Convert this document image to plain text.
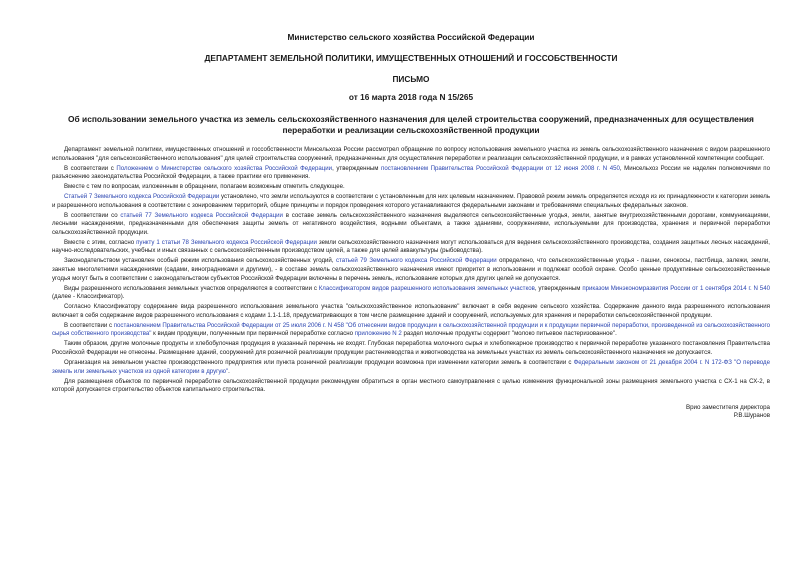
Министерство сельского хозяйства Российской Федерации

ДЕПАРТАМЕНТ ЗЕМЕЛЬНОЙ ПОЛИТИКИ, ИМУЩЕСТВЕННЫХ ОТНОШЕНИЙ И ГОССОБСТВЕННОСТИ

ПИСЬМО

от 16 марта 2018 года N 15/265

Об использовании земельного участка из земель сельскохозяйственного назначения для целей строительства сооружений, предназначенных для осуществления переработки и реализации сельскохозяйственной продукции

Департамент земельной политики, имущественных отношений и госсобственности Минсельхоза России рассмотрел обращение по вопросу использования земельного участка из земель сельскохозяйственного назначения с видом разрешенного использования "для сельскохозяйственного использования" для целей строительства сооружений, предназначенных для осуществления переработки и реализации сельскохозяйственной продукции, и в рамках установленной компетенции сообщает.

В соответствии с Положением о Министерстве сельского хозяйства Российской Федерации, утвержденным постановлением Правительства Российской Федерации от 12 июня 2008 г. N 450, Минсельхоз России не наделен полномочиями по разъяснению законодательства Российской Федерации, а также практики его применения.

Вместе с тем по вопросам, изложенным в обращении, полагаем возможным отметить следующее.

Статьей 7 Земельного кодекса Российской Федерации установлено, что земли используются в соответствии с установленным для них целевым назначением. Правовой режим земель определяется исходя из их принадлежности к категории земель и разрешенного использования в соответствии с зонированием территорий, общие принципы и порядок проведения которого устанавливаются федеральными законами и требованиями специальных федеральных законов.

В соответствии со статьей 77 Земельного кодекса Российской Федерации в составе земель сельскохозяйственного назначения выделяются сельскохозяйственные угодья, земли, занятые внутрихозяйственными дорогами, коммуникациями, лесными насаждениями, предназначенными для обеспечения защиты земель от негативного воздействия, водными объектами, а также зданиями, сооружениями, используемыми для производства, хранения и первичной переработки сельскохозяйственной продукции.

Вместе с этим, согласно пункту 1 статьи 78 Земельного кодекса Российской Федерации земли сельскохозяйственного назначения могут использоваться для ведения сельскохозяйственного производства, создания защитных лесных насаждений, научно-исследовательских, учебных и иных связанных с сельскохозяйственным производством целей, а также для целей аквакультуры (рыбоводства).

Законодательством установлен особый режим использования сельскохозяйственных угодий, статьей 79 Земельного кодекса Российской Федерации определено, что сельскохозяйственные угодья - пашни, сенокосы, пастбища, залежи, земли, занятые многолетними насаждениями (садами, виноградниками и другими), - в составе земель сельскохозяйственного назначения имеют приоритет в использовании и подлежат особой охране. Особо ценные продуктивные сельскохозяйственные угодья могут быть в соответствии с законодательством субъектов Российской Федерации включены в перечень земель, использование которых для других целей не допускается.

Виды разрешенного использования земельных участков определяются в соответствии с Классификатором видов разрешенного использования земельных участков, утвержденным приказом Минэкономразвития России от 1 сентября 2014 г. N 540 (далее - Классификатор).

Согласно Классификатору содержание вида разрешенного использования земельного участка "сельскохозяйственное использование" включает в себя ведение сельского хозяйства. Содержание данного вида разрешенного использования включает в себя содержание видов разрешенного использования с кодами 1.1-1.18, предусматривающих в том числе размещение зданий и сооружений, используемых для хранения и переработки сельскохозяйственной продукции.

В соответствии с постановлением Правительства Российской Федерации от 25 июля 2006 г. N 458 "Об отнесении видов продукции к сельскохозяйственной продукции и к продукции первичной переработки, произведенной из сельскохозяйственного сырья собственного производства" к видам продукции, полученным при первичной переработке согласно приложению N 2 раздел молочные продукты содержит "молоко питьевое пастеризованное".

Таким образом, другие молочные продукты и хлебобулочная продукция в указанный перечень не входят. Глубокая переработка молочного сырья и хлебопекарное производство к первичной переработке указанного постановления Правительства Российской Федерации не отнесены. Размещение зданий, сооружений для розничной реализации продукции растениеводства и животноводства на земельных участках из земель сельскохозяйственного назначения не допускается.

Организация на земельном участке производственного предприятия или пункта розничной реализации продукции возможна при изменении категории земель в соответствии с Федеральным законом от 21 декабря 2004 г. N 172-ФЗ "О переводе земель или земельных участков из одной категории в другую".

Для размещения объектов по первичной переработке сельскохозяйственной продукции рекомендуем обратиться в орган местного самоуправления с целью изменения функциональной зоны размещения земельного участка с СХ-1 на СХ-2, в которой допускается строительство объектов капитального строительства.

Врио заместителя директора
Р.В.Шуранов
